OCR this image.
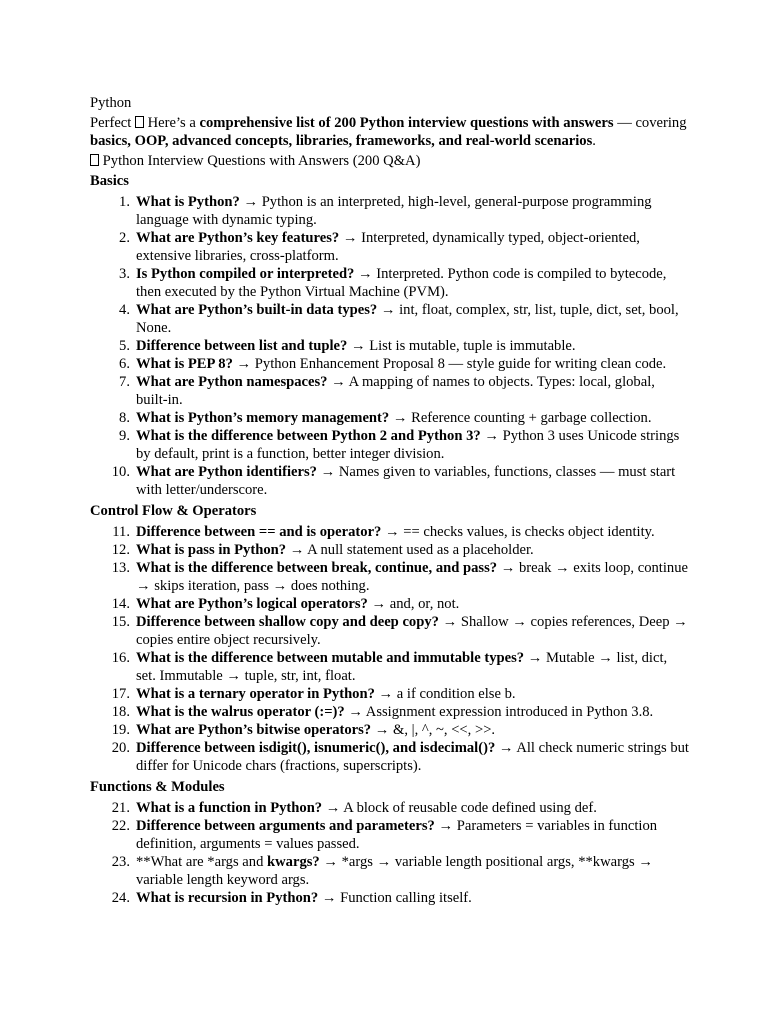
Python
Perfect Here’s a comprehensive list of 200 Python interview questions with answers — covering basics, OOP, advanced concepts, libraries, frameworks, and real-world scenarios.
Python Interview Questions with Answers (200 Q&A)
Basics
1. What is Python? → Python is an interpreted, high-level, general-purpose programming language with dynamic typing.
2. What are Python’s key features? → Interpreted, dynamically typed, object-oriented, extensive libraries, cross-platform.
3. Is Python compiled or interpreted? → Interpreted. Python code is compiled to bytecode, then executed by the Python Virtual Machine (PVM).
4. What are Python’s built-in data types? → int, float, complex, str, list, tuple, dict, set, bool, None.
5. Difference between list and tuple? → List is mutable, tuple is immutable.
6. What is PEP 8? → Python Enhancement Proposal 8 — style guide for writing clean code.
7. What are Python namespaces? → A mapping of names to objects. Types: local, global, built-in.
8. What is Python’s memory management? → Reference counting + garbage collection.
9. What is the difference between Python 2 and Python 3? → Python 3 uses Unicode strings by default, print is a function, better integer division.
10. What are Python identifiers? → Names given to variables, functions, classes — must start with letter/underscore.
Control Flow & Operators
11. Difference between == and is operator? → == checks values, is checks object identity.
12. What is pass in Python? → A null statement used as a placeholder.
13. What is the difference between break, continue, and pass? → break → exits loop, continue → skips iteration, pass → does nothing.
14. What are Python’s logical operators? → and, or, not.
15. Difference between shallow copy and deep copy? → Shallow → copies references, Deep → copies entire object recursively.
16. What is the difference between mutable and immutable types? → Mutable → list, dict, set. Immutable → tuple, str, int, float.
17. What is a ternary operator in Python? → a if condition else b.
18. What is the walrus operator (:=)? → Assignment expression introduced in Python 3.8.
19. What are Python’s bitwise operators? → &, |, ^, ~, <<, >>.
20. Difference between isdigit(), isnumeric(), and isdecimal()? → All check numeric strings but differ for Unicode chars (fractions, superscripts).
Functions & Modules
21. What is a function in Python? → A block of reusable code defined using def.
22. Difference between arguments and parameters? → Parameters = variables in function definition, arguments = values passed.
23. **What are *args and kwargs? → *args → variable length positional args, **kwargs → variable length keyword args.
24. What is recursion in Python? → Function calling itself.
